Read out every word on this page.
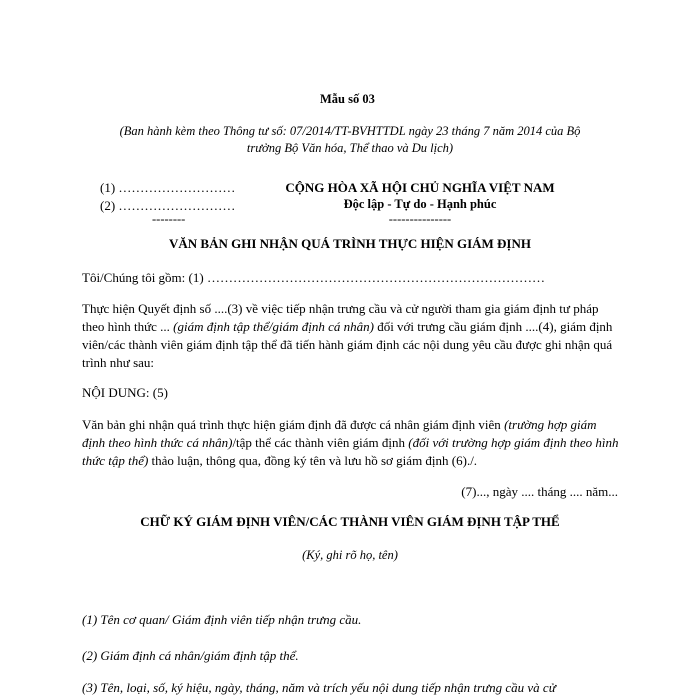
Mẫu số 03
(Ban hành kèm theo Thông tư số: 07/2014/TT-BVHTTDL ngày 23 tháng 7 năm 2014 của Bộ
trưởng Bộ Văn hóa, Thể thao và Du lịch)
(1) ………………………
(2) ………………………
--------
CỘNG HÒA XÃ HỘI CHỦ NGHĨA VIỆT NAM
Độc lập - Tự do - Hạnh phúc
---------------
VĂN BẢN GHI NHẬN QUÁ TRÌNH THỰC HIỆN GIÁM ĐỊNH
Tôi/Chúng tôi gồm: (1) ……………………………………………………………………
Thực hiện Quyết định số ....(3) về việc tiếp nhận trưng cầu và cử người tham gia giám định tư pháp theo hình thức ... (giám định tập thể/giám định cá nhân) đối với trưng cầu giám định ....(4), giám định viên/các thành viên giám định tập thể đã tiến hành giám định các nội dung yêu cầu được ghi nhận quá trình như sau:
NỘI DUNG: (5)
Văn bản ghi nhận quá trình thực hiện giám định đã được cá nhân giám định viên (trường hợp giám định theo hình thức cá nhân)/tập thể các thành viên giám định (đối với trường hợp giám định theo hình thức tập thể) thảo luận, thông qua, đồng ký tên và lưu hồ sơ giám định (6)./.
(7)..., ngày .... tháng .... năm...
CHỮ KÝ GIÁM ĐỊNH VIÊN/CÁC THÀNH VIÊN GIÁM ĐỊNH TẬP THỂ
(Ký, ghi rõ họ, tên)
(1) Tên cơ quan/ Giám định viên tiếp nhận trưng cầu.
(2) Giám định cá nhân/giám định tập thể.
(3) Tên, loại, số, ký hiệu, ngày, tháng, năm và trích yếu nội dung tiếp nhận trưng cầu và cử
